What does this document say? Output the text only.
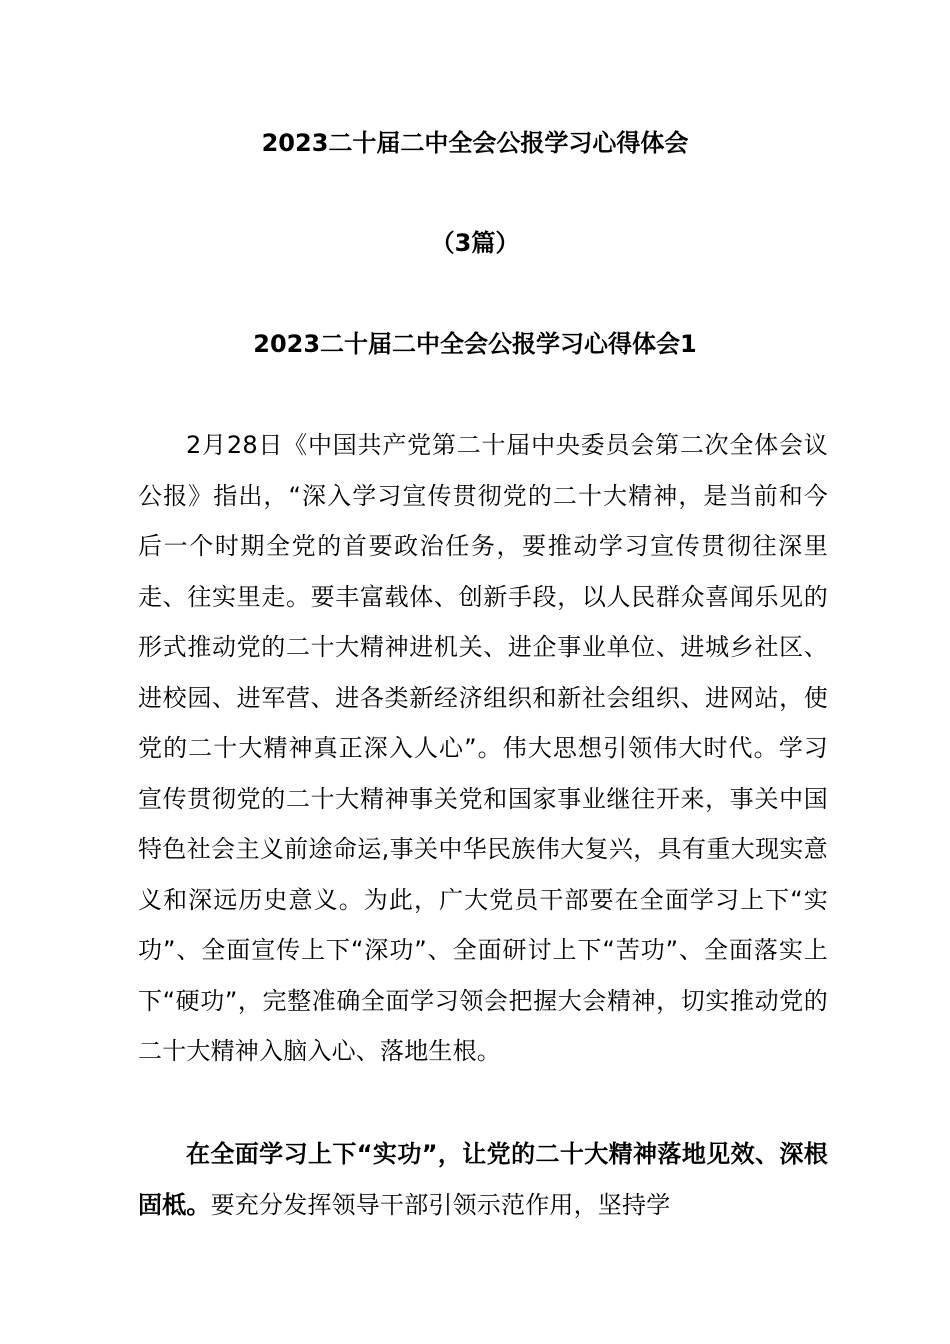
2023二十届二中全会公报学习心得体会
（3篇）
2023二十届二中全会公报学习心得体会1

2月28日《中国共产党第二十届中央委员会第二次全体会议公报》指出，“深入学习宣传贯彻党的二十大精神，是当前和今后一个时期全党的首要政治任务，要推动学习宣传贯彻往深里走、往实里走。要丰富载体、创新手段，以人民群众喜闻乐见的形式推动党的二十大精神进机关、进企事业单位、进城乡社区、进校园、进军营、进各类新经济组织和新社会组织、进网站，使党的二十大精神真正深入人心”。伟大思想引领伟大时代。学习宣传贯彻党的二十大精神事关党和国家事业继往开来，事关中国特色社会主义前途命运,事关中华民族伟大复兴，具有重大现实意义和深远历史意义。为此，广大党员干部要在全面学习上下“实功”、全面宣传上下“深功”、全面研讨上下“苦功”、全面落实上下“硬功”，完整准确全面学习领会把握大会精神，切实推动党的二十大精神入脑入心、落地生根。

在全面学习上下“实功”，让党的二十大精神落地见效、深根固柢。要充分发挥领导干部引领示范作用，坚持学
